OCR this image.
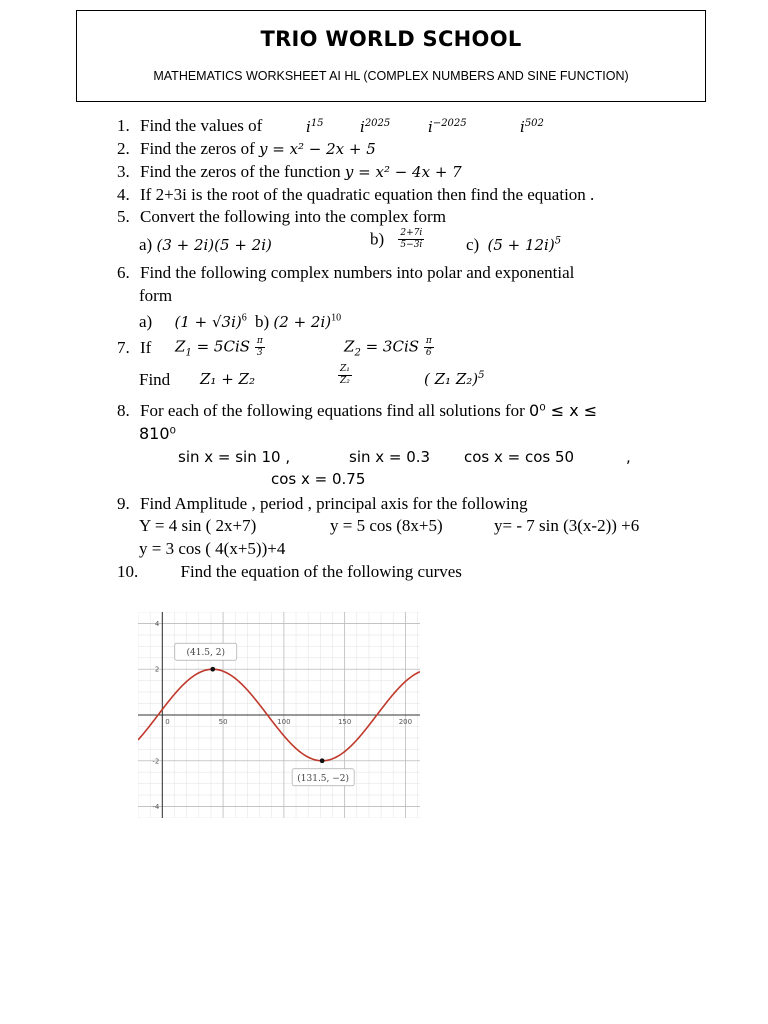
TRIO WORLD SCHOOL
MATHEMATICS WORKSHEET AI HL (COMPLEX NUMBERS AND SINE FUNCTION)
1. Find the values of	$i^{15}$ $i^{2025}$	$i^{-2025}$	$i^{502}$
2. Find the zeros of y = x² − 2x + 5
3. Find the zeros of the function y = x² − 4x + 7
4. If 2+3i is the root of the quadratic equation then find the equation .
5. Convert the following into the complex form
a) (3 + 2i)(5 + 2i)	$b) \frac{2+7i}{5-3i} c$) $(5 + 12i)^5$
6. Find the following complex numbers into polar and exponential
form
a) $(1 + √3i)^6$ b) $(2 + 2i)^{10}$
7. If $Z_1 = 5CiS \frac{\pi}{3}$	$Z_2 = 3CiS \frac{\pi}{6}$
Find Z₁ + Z₂	$\frac{\text{Z₁}}{\text{Z₂}}$	( Z₁ Z₂)$^5$
8. For each of the following equations find all solutions for 0⁰ ≤ x ≤
810⁰
sin x = sin 10 ,	sin x = 0.3 cos x = cos 50	,
cos x = 0.75
9. Find Amplitude , period , principal axis for the following
Y = 4 sin ( 2x+7)	y = 5 cos (8x+5)	y= - 7 sin (3(x-2)) +6
y = 3 cos ( 4(x+5))+4
10. Find the equation of the following curves
0	50	100	150	200
4
2
-2
-4
(41.5, 2)
(131.5, −2)
